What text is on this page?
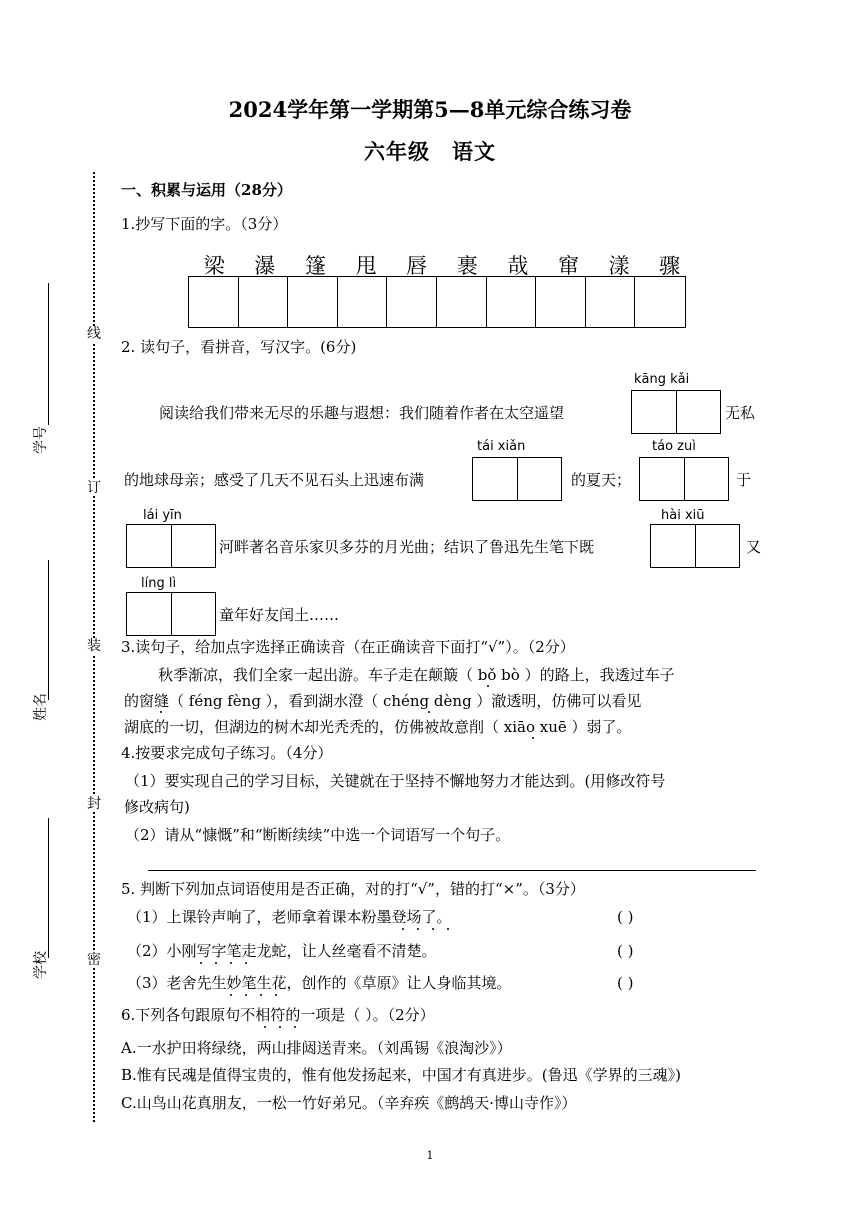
2024学年第一学期第5—8单元综合练习卷
六年级 语文
线
订
装
封
密
学号
姓名
学校
一、积累与运用（28分）
1.抄写下面的字。（3分）
梁	瀑	篷	甩	唇	裹	哉	窜	漾	骤
2. 读句子，看拼音，写汉字。(6分)
kāng kǎi
阅读给我们带来无尽的乐趣与遐想：我们随着作者在太空遥望	无私
tái xiǎn	táo zuì
的地球母亲；感受了几天不见石头上迅速布满	的夏天；	于
lái yīn	hài xiū
河畔著名音乐家贝多芬的月光曲；结识了鲁迅先生笔下既	又
líng lì
童年好友闰土……
3.读句子，给加点字选择正确读音（在正确读音下面打“√”）。（2分）
秋季渐凉，我们全家一起出游。车子走在颠簸（ bǒ bò ）的路上，我透过车子
的窗缝（ féng fèng ），看到湖水澄（ chéng dèng ）澈透明，仿佛可以看见
湖底的一切，但湖边的树木却光秃秃的，仿佛被故意削（ xiāo xuē ）弱了。
4.按要求完成句子练习。（4分）
（1）要实现自己的学习目标，关键就在于坚持不懈地努力才能达到。(用修改符号
修改病句)
（2）请从“慷慨”和“断断续续”中选一个词语写一个句子。
5. 判断下列加点词语使用是否正确，对的打“√”，错的打“×”。（3分）
（1）上课铃声响了，老师拿着课本粉墨登场了。	( )
（2）小刚写字笔走龙蛇，让人丝毫看不清楚。	( )
（3）老舍先生妙笔生花，创作的《草原》让人身临其境。	( )
6.下列各句跟原句不相符的一项是（ ）。（2分）
A.一水护田将绿绕，两山排闼送青来。（刘禹锡《浪淘沙》）
B.惟有民魂是值得宝贵的，惟有他发扬起来，中国才有真进步。(鲁迅《学界的三魂》)
C.山鸟山花真朋友，一松一竹好弟兄。（辛弃疾《鹧鸪天·博山寺作》）
1
